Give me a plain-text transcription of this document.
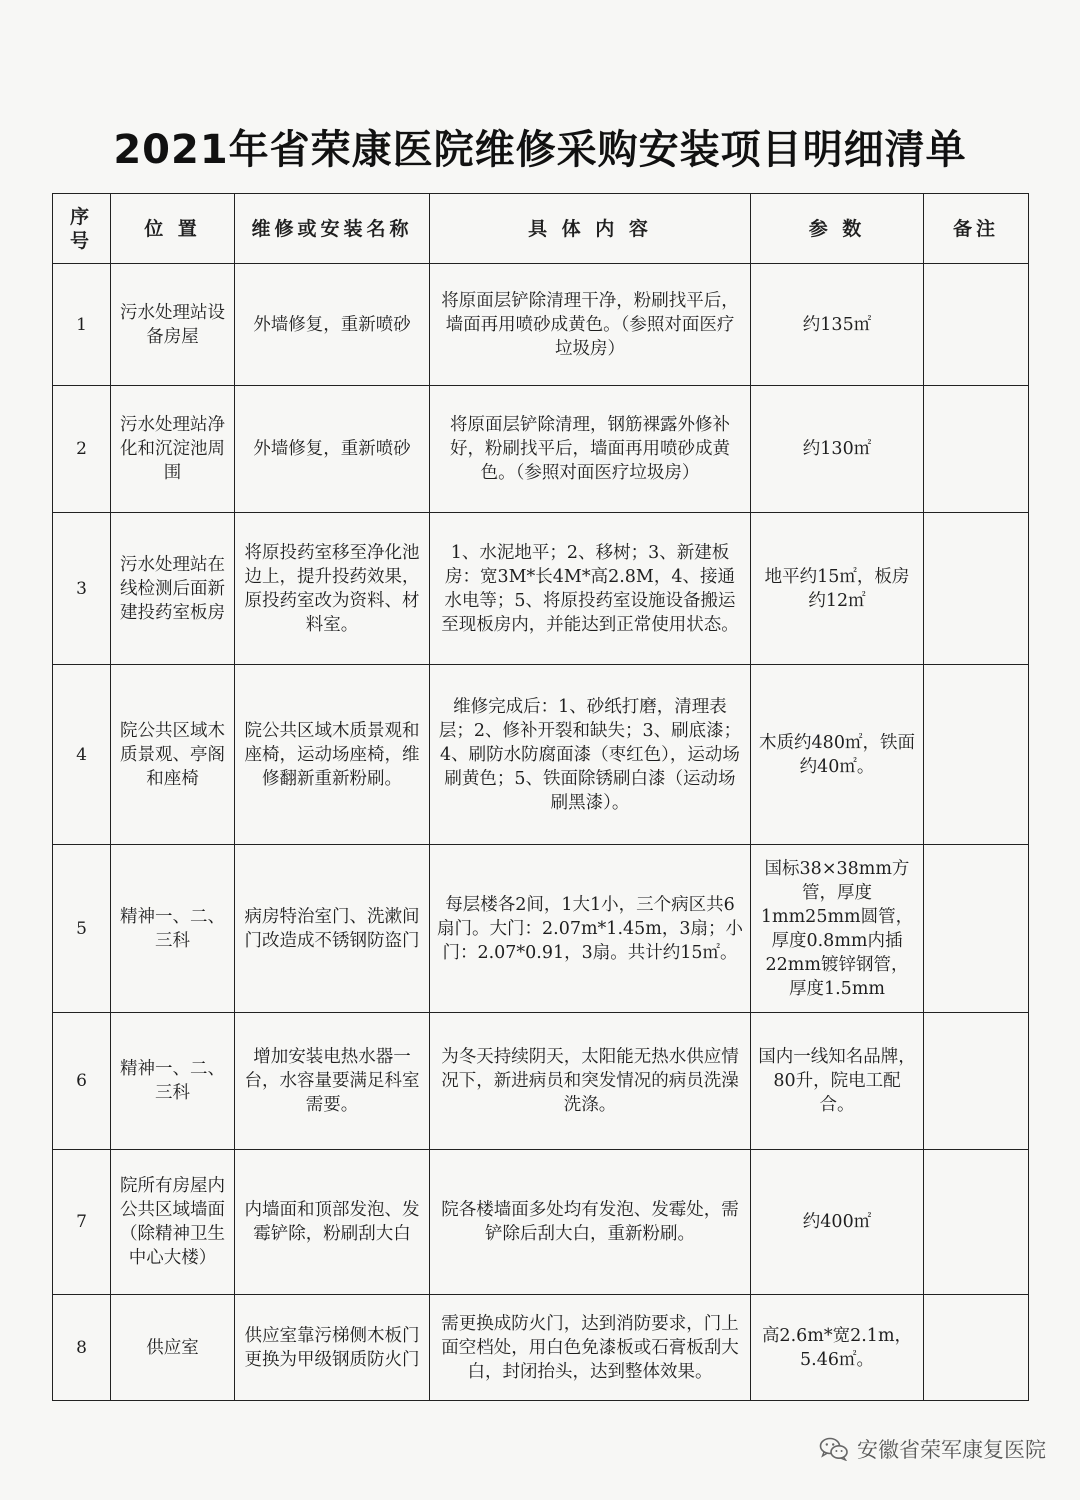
2021年省荣康医院维修采购安装项目明细清单
序号	位 置	维修或安装名称	具 体 内 容	参 数	备注
1	污水处理站设备房屋	外墙修复，重新喷砂	将原面层铲除清理干净，粉刷找平后，墙面再用喷砂成黄色。（参照对面医疗垃圾房）	约135㎡	
2	污水处理站净化和沉淀池周围	外墙修复，重新喷砂	将原面层铲除清理，钢筋裸露外修补好，粉刷找平后，墙面再用喷砂成黄色。（参照对面医疗垃圾房）	约130㎡	
3	污水处理站在线检测后面新建投药室板房	将原投药室移至净化池边上，提升投药效果，原投药室改为资料、材料室。	1、水泥地平；2、移树；3、新建板房：宽3M*长4M*高2.8M，4、接通水电等；5、将原投药室设施设备搬运至现板房内，并能达到正常使用状态。	地平约15㎡，板房约12㎡	
4	院公共区域木质景观、亭阁和座椅	院公共区域木质景观和座椅，运动场座椅，维修翻新重新粉刷。	维修完成后：1、砂纸打磨，清理表层；2、修补开裂和缺失；3、刷底漆；4、刷防水防腐面漆（枣红色），运动场刷黄色；5、铁面除锈刷白漆（运动场刷黑漆）。	木质约480㎡，铁面约40㎡。	
5	精神一、二、三科	病房特治室门、洗漱间门改造成不锈钢防盗门	每层楼各2间，1大1小，三个病区共6扇门。大门：2.07m*1.45m，3扇；小门：2.07*0.91，3扇。共计约15㎡。	国标38×38mm方管，厚度1mm25mm圆管，厚度0.8mm内插22mm镀锌钢管，厚度1.5mm	
6	精神一、二、三科	增加安装电热水器一台，水容量要满足科室需要。	为冬天持续阴天，太阳能无热水供应情况下，新进病员和突发情况的病员洗澡洗涤。	国内一线知名品牌，80升，院电工配合。	
7	院所有房屋内公共区域墙面（除精神卫生中心大楼）	内墙面和顶部发泡、发霉铲除，粉刷刮大白	院各楼墙面多处均有发泡、发霉处，需铲除后刮大白，重新粉刷。	约400㎡	
8	供应室	供应室靠污梯侧木板门更换为甲级钢质防火门	需更换成防火门，达到消防要求，门上面空档处，用白色免漆板或石膏板刮大白，封闭抬头，达到整体效果。	高2.6m*宽2.1m，5.46㎡。	
安徽省荣军康复医院
